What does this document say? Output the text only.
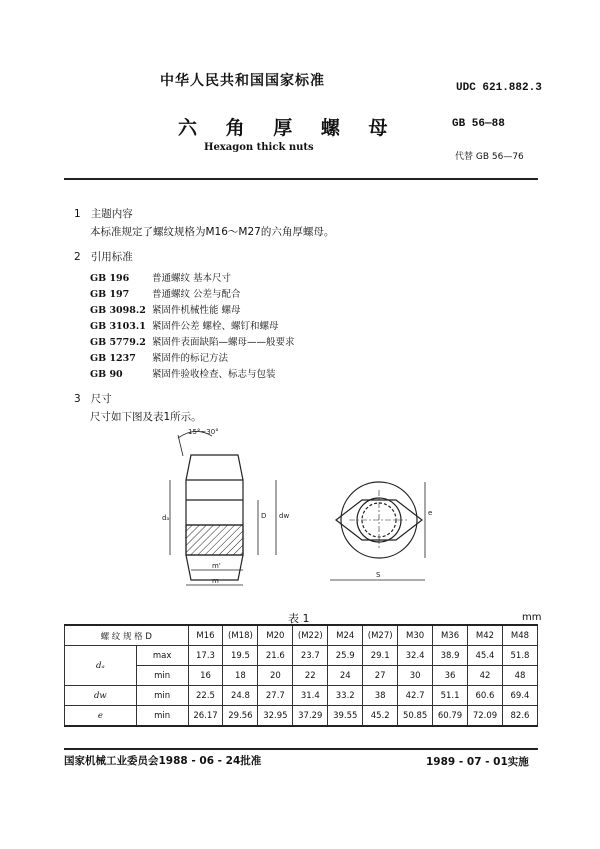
中华人民共和国国家标准	UDC 621.882.3
六 角 厚 螺 母	GB 56—88
Hexagon thick nuts
代替 GB 56—76
1 主题内容
本标准规定了螺纹规格为M16～M27的六角厚螺母。
2 引用标准
GB 196 普通螺纹 基本尺寸
GB 197 普通螺纹 公差与配合
GB 3098.2 紧固件机械性能 螺母
GB 3103.1 紧固件公差 螺栓、螺钉和螺母
GB 5779.2 紧固件表面缺陷—螺母——般要求
GB 1237 紧固件的标记方法
GB 90	紧固件验收检查、标志与包装
3 尺寸
尺寸如下图及表1所示。
15°~30°
dₐ	D dw
m'
m
S
e
表 1	mm
螺 纹 规 格 D		M16	(M18)	M20	(M22)	M24	(M27)	M30	M36	M42	M48
dₐ	max	17.3	19.5	21.6	23.7	25.9	29.1	32.4	38.9	45.4	51.8
	min	16	18	20	22	24	27	30	36	42	48
dw	min	22.5	24.8	27.7	31.4	33.2	38	42.7	51.1	60.6	69.4
e	min	26.17	29.56	32.95	37.29	39.55	45.2	50.85	60.79	72.09	82.6
国家机械工业委员会1988 - 06 - 24批准	1989 - 07 - 01实施
